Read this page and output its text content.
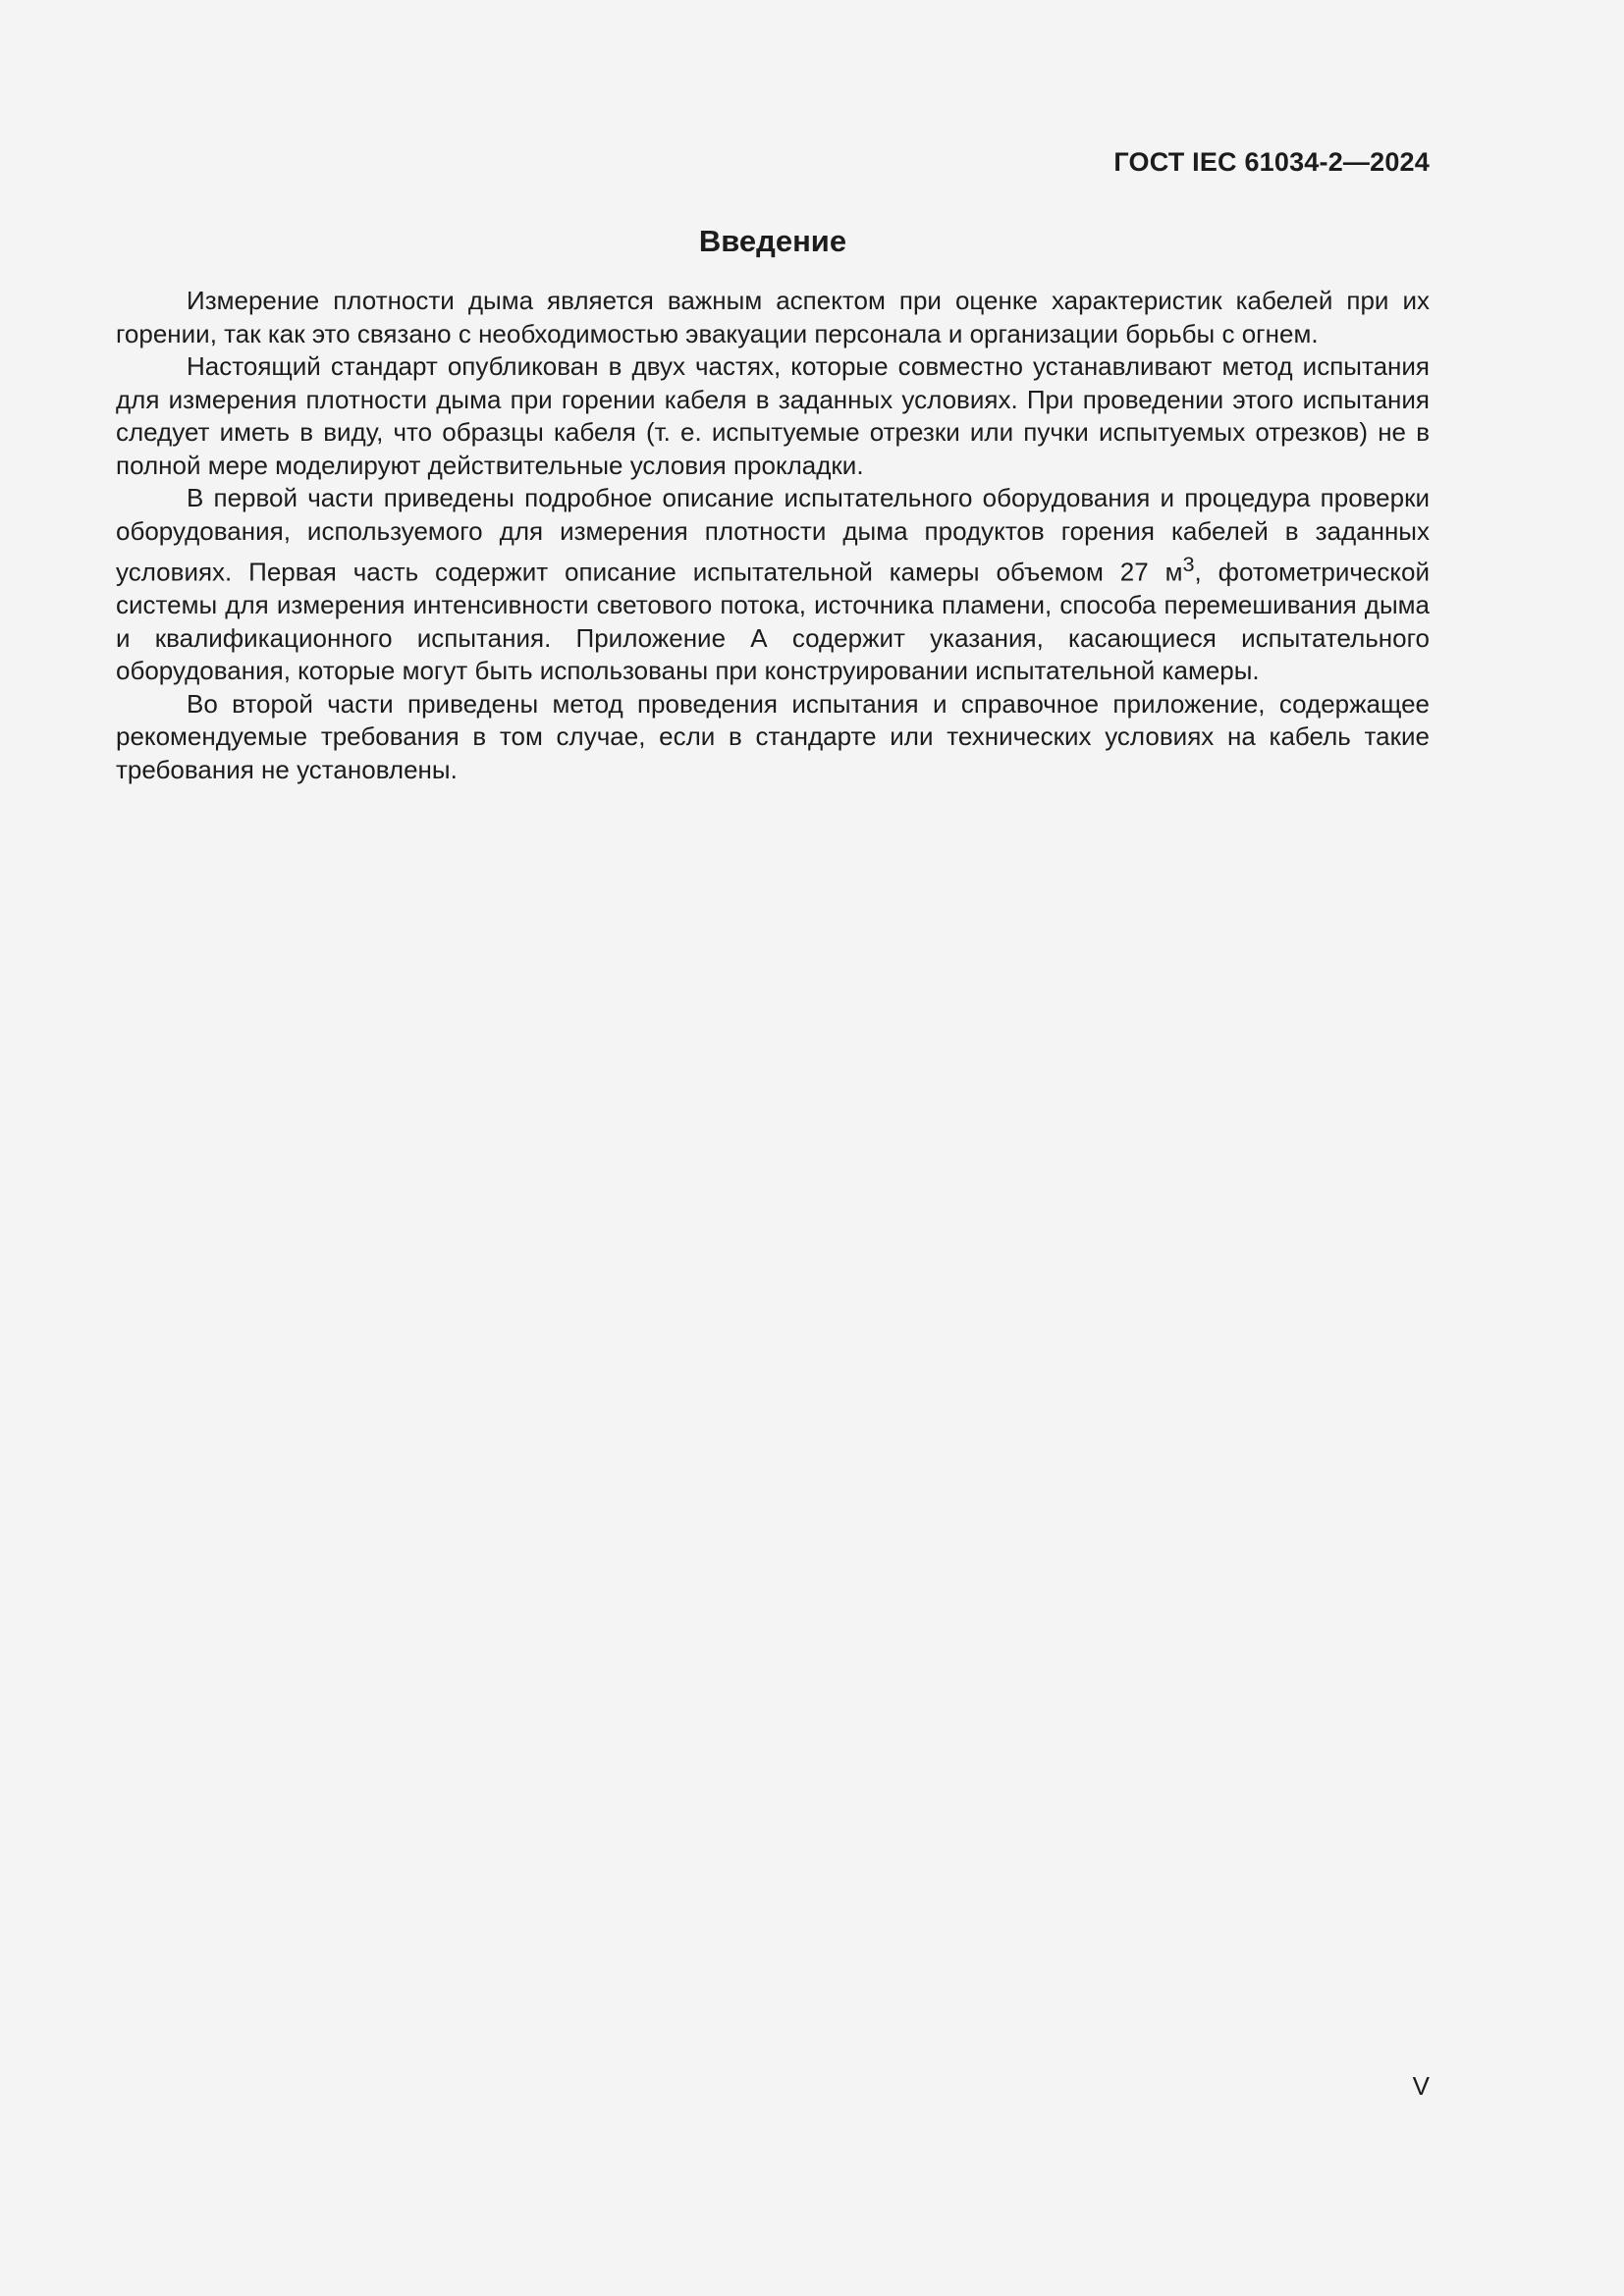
ГОСТ IEC 61034-2—2024
Введение

Измерение плотности дыма является важным аспектом при оценке характеристик кабелей при их горении, так как это связано с необходимостью эвакуации персонала и организации борьбы с огнем.

Настоящий стандарт опубликован в двух частях, которые совместно устанавливают метод испытания для измерения плотности дыма при горении кабеля в заданных условиях. При проведении этого испытания следует иметь в виду, что образцы кабеля (т. е. испытуемые отрезки или пучки испытуемых отрезков) не в полной мере моделируют действительные условия прокладки.

В первой части приведены подробное описание испытательного оборудования и процедура проверки оборудования, используемого для измерения плотности дыма продуктов горения кабелей в заданных условиях. Первая часть содержит описание испытательной камеры объемом 27 $м^3$, фотометрической системы для измерения интенсивности светового потока, источника пламени, способа перемешивания дыма и квалификационного испытания. Приложение А содержит указания, касающиеся испытательного оборудования, которые могут быть использованы при конструировании испытательной камеры.

Во второй части приведены метод проведения испытания и справочное приложение, содержащее рекомендуемые требования в том случае, если в стандарте или технических условиях на кабель такие требования не установлены.

V
